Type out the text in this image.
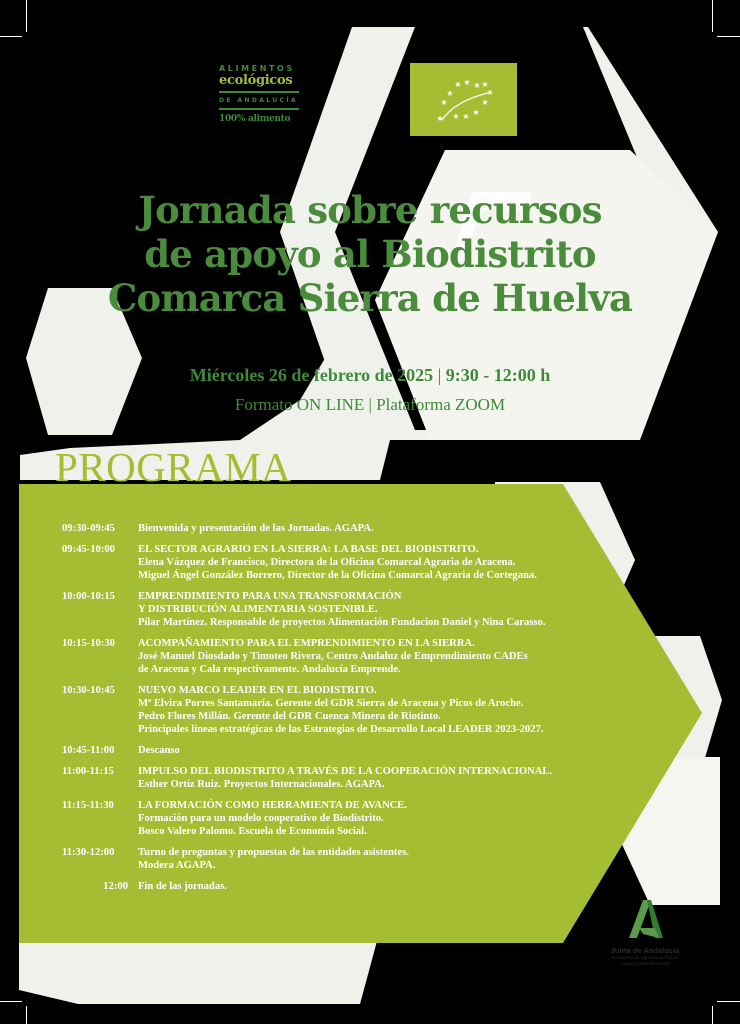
ALIMENTOS
ecológicos
DE ANDALUCÍA
100% alimento
★ ★ ★ ★
★	★
★	★
★
★
★
★
Jornada sobre recursos
de apoyo al Biodistrito
Comarca Sierra de Huelva
Miércoles 26 de febrero de 2025 | 9:30 - 12:00 h
Formato ON LINE | Plataforma ZOOM
PROGRAMA
09:30-09:45	Bienvenida y presentación de las Jornadas. AGAPA.
09:45-10:00	EL SECTOR AGRARIO EN LA SIERRA: LA BASE DEL BIODISTRITO.
Elena Vázquez de Francisco, Directora de la Oficina Comarcal Agraria de Aracena.
Miguel Ángel González Borrero, Director de la Oficina Comarcal Agraria de Cortegana.
10:00-10:15	EMPRENDIMIENTO PARA UNA TRANSFORMACIÓN
Y DISTRIBUCIÓN ALIMENTARIA SOSTENIBLE.
Pilar Martínez. Responsable de proyectos Alimentación Fundacion Daniel y Nina Carasso.
10:15-10:30	ACOMPAÑAMIENTO PARA EL EMPRENDIMIENTO EN LA SIERRA.
José Manuel Diosdado y Timoteo Rivera, Centro Andaluz de Emprendimiento CADEs
de Aracena y Cala respectivamente. Andalucía Emprende.
10:30-10:45	NUEVO MARCO LEADER EN EL BIODISTRITO.
Mª Elvira Porres Santamaría. Gerente del GDR Sierra de Aracena y Picos de Aroche.
Pedro Flores Millán. Gerente del GDR Cuenca Minera de Riotinto.
Principales líneas estratégicas de las Estrategias de Desarrollo Local LEADER 2023-2027.
10:45-11:00	Descanso
11:00-11:15	IMPULSO DEL BIODISTRITO A TRAVÉS DE LA COOPERACIÓN INTERNACIONAL.
Esther Ortíz Ruiz. Proyectos Internacionales. AGAPA.
11:15-11:30	LA FORMACIÓN COMO HERRAMIENTA DE AVANCE.
Formación para un modelo cooperativo de Biodistrito.
Bosco Valero Palomo. Escuela de Economía Social.
11:30-12:00	Turno de preguntas y propuestas de las entidades asistentes.
Modera AGAPA.
12:00 Fin de las jornadas.
Junta de Andalucía
Consejería de Agricultura, Pesca,
Agua y Desarrollo Rural
